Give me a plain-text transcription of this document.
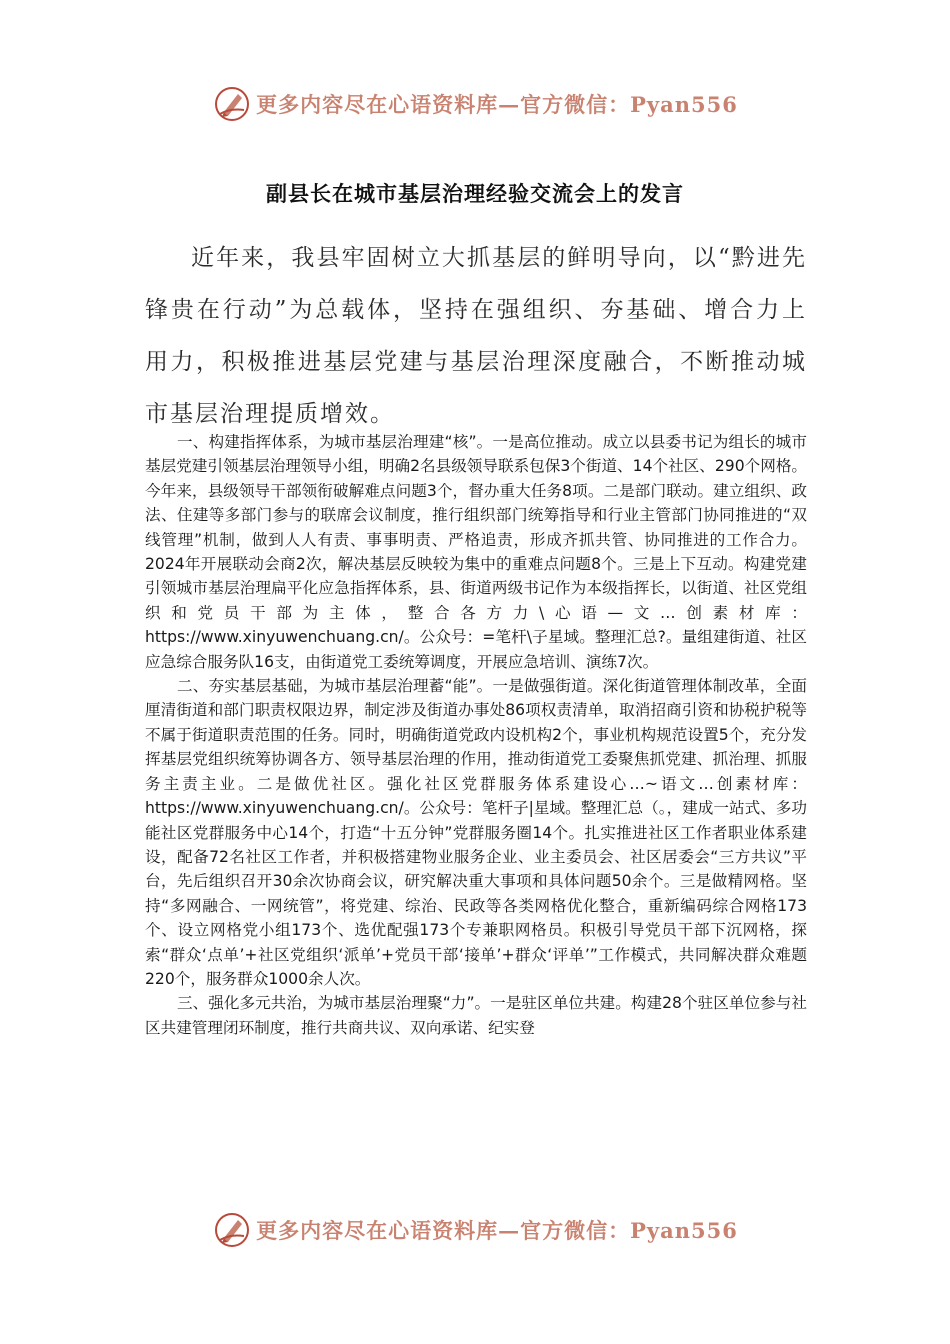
更多内容尽在心语资料库—官方微信：Pyan556
副县长在城市基层治理经验交流会上的发言
近年来，我县牢固树立大抓基层的鲜明导向，以“黔进先锋贵在行动”为总载体，坚持在强组织、夯基础、增合力上用力，积极推进基层党建与基层治理深度融合，不断推动城市基层治理提质增效。

一、构建指挥体系，为城市基层治理建“核”。一是高位推动。成立以县委书记为组长的城市基层党建引领基层治理领导小组，明确2名县级领导联系包保3个街道、14个社区、290个网格。今年来，县级领导干部领衔破解难点问题3个，督办重大任务8项。二是部门联动。建立组织、政法、住建等多部门参与的联席会议制度，推行组织部门统筹指导和行业主管部门协同推进的“双线管理”机制，做到人人有责、事事明责、严格追责，形成齐抓共管、协同推进的工作合力。2024年开展联动会商2次，解决基层反映较为集中的重难点问题8个。三是上下互动。构建党建引领城市基层治理扁平化应急指挥体系，县、街道两级书记作为本级指挥长，以街道、社区党组织和党员干部为主体，整合各方力\心语—文…创素材库：https://www.xinyuwenchuang.cn/。公众号：=笔杆\子星域。整理汇总?。量组建街道、社区应急综合服务队16支，由街道党工委统筹调度，开展应急培训、演练7次。

二、夯实基层基础，为城市基层治理蓄“能”。一是做强街道。深化街道管理体制改革，全面厘清街道和部门职责权限边界，制定涉及街道办事处86项权责清单，取消招商引资和协税护税等不属于街道职责范围的任务。同时，明确街道党政内设机构2个，事业机构规范设置5个，充分发挥基层党组织统筹协调各方、领导基层治理的作用，推动街道党工委聚焦抓党建、抓治理、抓服务主责主业。二是做优社区。强化社区党群服务体系建设心…~语文…创素材库：https://www.xinyuwenchuang.cn/。公众号：笔杆子|星域。整理汇总（。，建成一站式、多功能社区党群服务中心14个，打造“十五分钟”党群服务圈14个。扎实推进社区工作者职业体系建设，配备72名社区工作者，并积极搭建物业服务企业、业主委员会、社区居委会“三方共议”平台，先后组织召开30余次协商会议，研究解决重大事项和具体问题50余个。三是做精网格。坚持“多网融合、一网统管”，将党建、综治、民政等各类网格优化整合，重新编码综合网格173个、设立网格党小组173个、选优配强173个专兼职网格员。积极引导党员干部下沉网格，探索“群众‘点单’+社区党组织‘派单’+党员干部‘接单’+群众‘评单’”工作模式，共同解决群众难题220个，服务群众1000余人次。

三、强化多元共治，为城市基层治理聚“力”。一是驻区单位共建。构建28个驻区单位参与社区共建管理闭环制度，推行共商共议、双向承诺、纪实登

更多内容尽在心语资料库—官方微信：Pyan556
